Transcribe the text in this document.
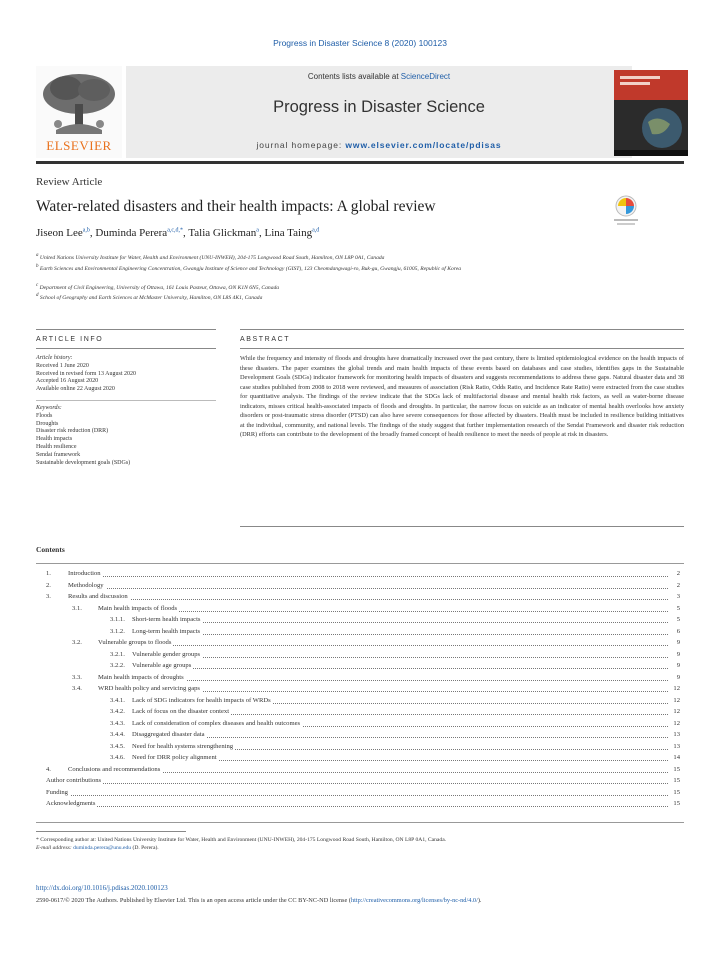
Progress in Disaster Science 8 (2020) 100123
ELSEVIER
Contents lists available at ScienceDirect
Progress in Disaster Science
journal homepage: www.elsevier.com/locate/pdisas
Review Article
Water-related disasters and their health impacts: A global review
Jiseon Lee$^{a,b}$, Duminda Perera$^{a,c,d,*}$, Talia Glickman$^a$, Lina Taing$^{a,d}$
$^a$ United Nations University Institute for Water, Health and Environment (UNU-INWEH), 204-175 Longwood Road South, Hamilton, ON L8P 0A1, Canada
$^b$ Earth Sciences and Environmental Engineering Concentration, Gwangju Institute of Science and Technology (GIST), 123 Cheomdangwagi-ro, Buk-gu, Gwangju, 61005, Republic of Korea
$^c$ Department of Civil Engineering, University of Ottawa, 161 Louis Pasteur, Ottawa, ON K1N 6N5, Canada
$^d$ School of Geography and Earth Sciences at McMaster University, Hamilton, ON L8S 4K1, Canada
ARTICLE INFO	ABSTRACT
Article history:
Received 1 June 2020
Received in revised form 13 August 2020
Accepted 16 August 2020
Available online 22 August 2020
Keywords:
Floods
Droughts
Disaster risk reduction (DRR)
Health impacts
Health resilience
Sendai framework
Sustainable development goals (SDGs)
While the frequency and intensity of floods and droughts have dramatically increased over the past century, there is limited epidemiological evidence on the health impacts of these disasters. The paper examines the global trends and main health impacts of these events based on databases and case studies, identifies gaps in the Sustainable Development Goals (SDGs) indicator framework for monitoring health impacts of disasters and suggests recommendations to address these gaps. Natural disaster data and 38 case studies published from 2008 to 2018 were reviewed, and measures of association (Risk Ratio, Odds Ratio, and Incidence Rate Ratio) were extracted from the case studies for quantitative analysis. The findings of the review indicate that the SDGs lack of multifactorial disease and mental health risk factors, as well as water-borne disease indicators, misses critical health-associated impacts of floods and droughts. In particular, the narrow focus on suicide as an indicator of mental health overlooks how anxiety disorders or post-traumatic stress disorder (PTSD) can also have severe consequences for those affected by disasters. Health must be included in resilience building initiatives at the individual, community, and national levels. The findings of the study suggest that further implementation research of the Sendai Framework and disaster risk reduction (DRR) efforts can contribute to the development of the broadly framed concept of health resilience to meet the needs of people at risk in disasters.
Contents
1.	Introduction	2
2.	Methodology	2
3.	Results and discussion	3
3.1. Main health impacts of floods	5
3.1.1. Short-term health impacts	5
3.1.2. Long-term health impacts	6
3.2. Vulnerable groups to floods	9
3.2.1. Vulnerable gender groups	9
3.2.2. Vulnerable age groups	9
3.3. Main health impacts of droughts	9
3.4. WRD health policy and servicing gaps	12
3.4.1. Lack of SDG indicators for health impacts of WRDs	12
3.4.2. Lack of focus on the disaster context	12
3.4.3. Lack of consideration of complex diseases and health outcomes	12
3.4.4. Disaggregated disaster data	13
3.4.5. Need for health systems strengthening	13
3.4.6. Need for DRR policy alignment	14
4.	Conclusions and recommendations	15
Author contributions	15
Funding	15
Acknowledgments	15
* Corresponding author at: United Nations University Institute for Water, Health and Environment (UNU-INWEH), 204-175 Longwood Road South, Hamilton, ON L8P 0A1, Canada.
E-mail address: duminda.perera@unu.edu (D. Perera).
http://dx.doi.org/10.1016/j.pdisas.2020.100123
2590-0617/© 2020 The Authors. Published by Elsevier Ltd. This is an open access article under the CC BY-NC-ND license (http://creativecommons.org/licenses/by-nc-nd/4.0/).
